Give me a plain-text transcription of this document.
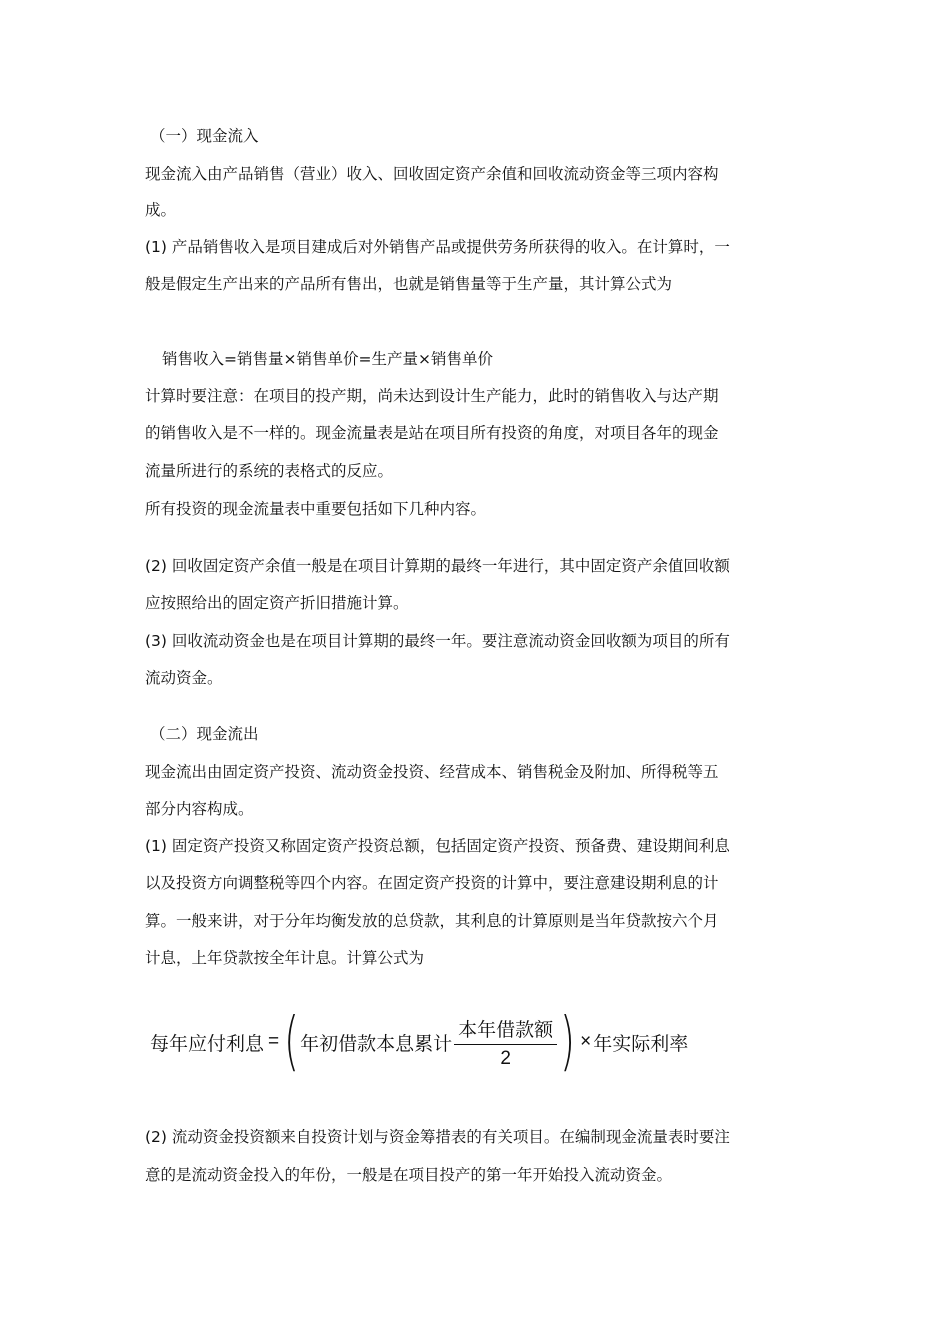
（一）现金流入
现金流入由产品销售（营业）收入、回收固定资产余值和回收流动资金等三项内容构
成。
(1) 产品销售收入是项目建成后对外销售产品或提供劳务所获得的收入。在计算时，一
般是假定生产出来的产品所有售出，也就是销售量等于生产量，其计算公式为
销售收入=销售量×销售单价=生产量×销售单价
计算时要注意：在项目的投产期，尚未达到设计生产能力，此时的销售收入与达产期
的销售收入是不一样的。现金流量表是站在项目所有投资的角度，对项目各年的现金
流量所进行的系统的表格式的反应。
所有投资的现金流量表中重要包括如下几种内容。
(2) 回收固定资产余值一般是在项目计算期的最终一年进行，其中固定资产余值回收额
应按照给出的固定资产折旧措施计算。
(3) 回收流动资金也是在项目计算期的最终一年。要注意流动资金回收额为项目的所有
流动资金。
（二）现金流出
现金流出由固定资产投资、流动资金投资、经营成本、销售税金及附加、所得税等五
部分内容构成。
(1) 固定资产投资又称固定资产投资总额，包括固定资产投资、预备费、建设期间利息
以及投资方向调整税等四个内容。在固定资产投资的计算中，要注意建设期利息的计
算。一般来讲，对于分年均衡发放的总贷款，其利息的计算原则是当年贷款按六个月
计息，上年贷款按全年计息。计算公式为
每年应付利息 = ( 年初借款本息累计 $\frac{\text{本年借款额}}{2}$ ) × 年实际利率
(2) 流动资金投资额来自投资计划与资金筹措表的有关项目。在编制现金流量表时要注
意的是流动资金投入的年份，一般是在项目投产的第一年开始投入流动资金。
